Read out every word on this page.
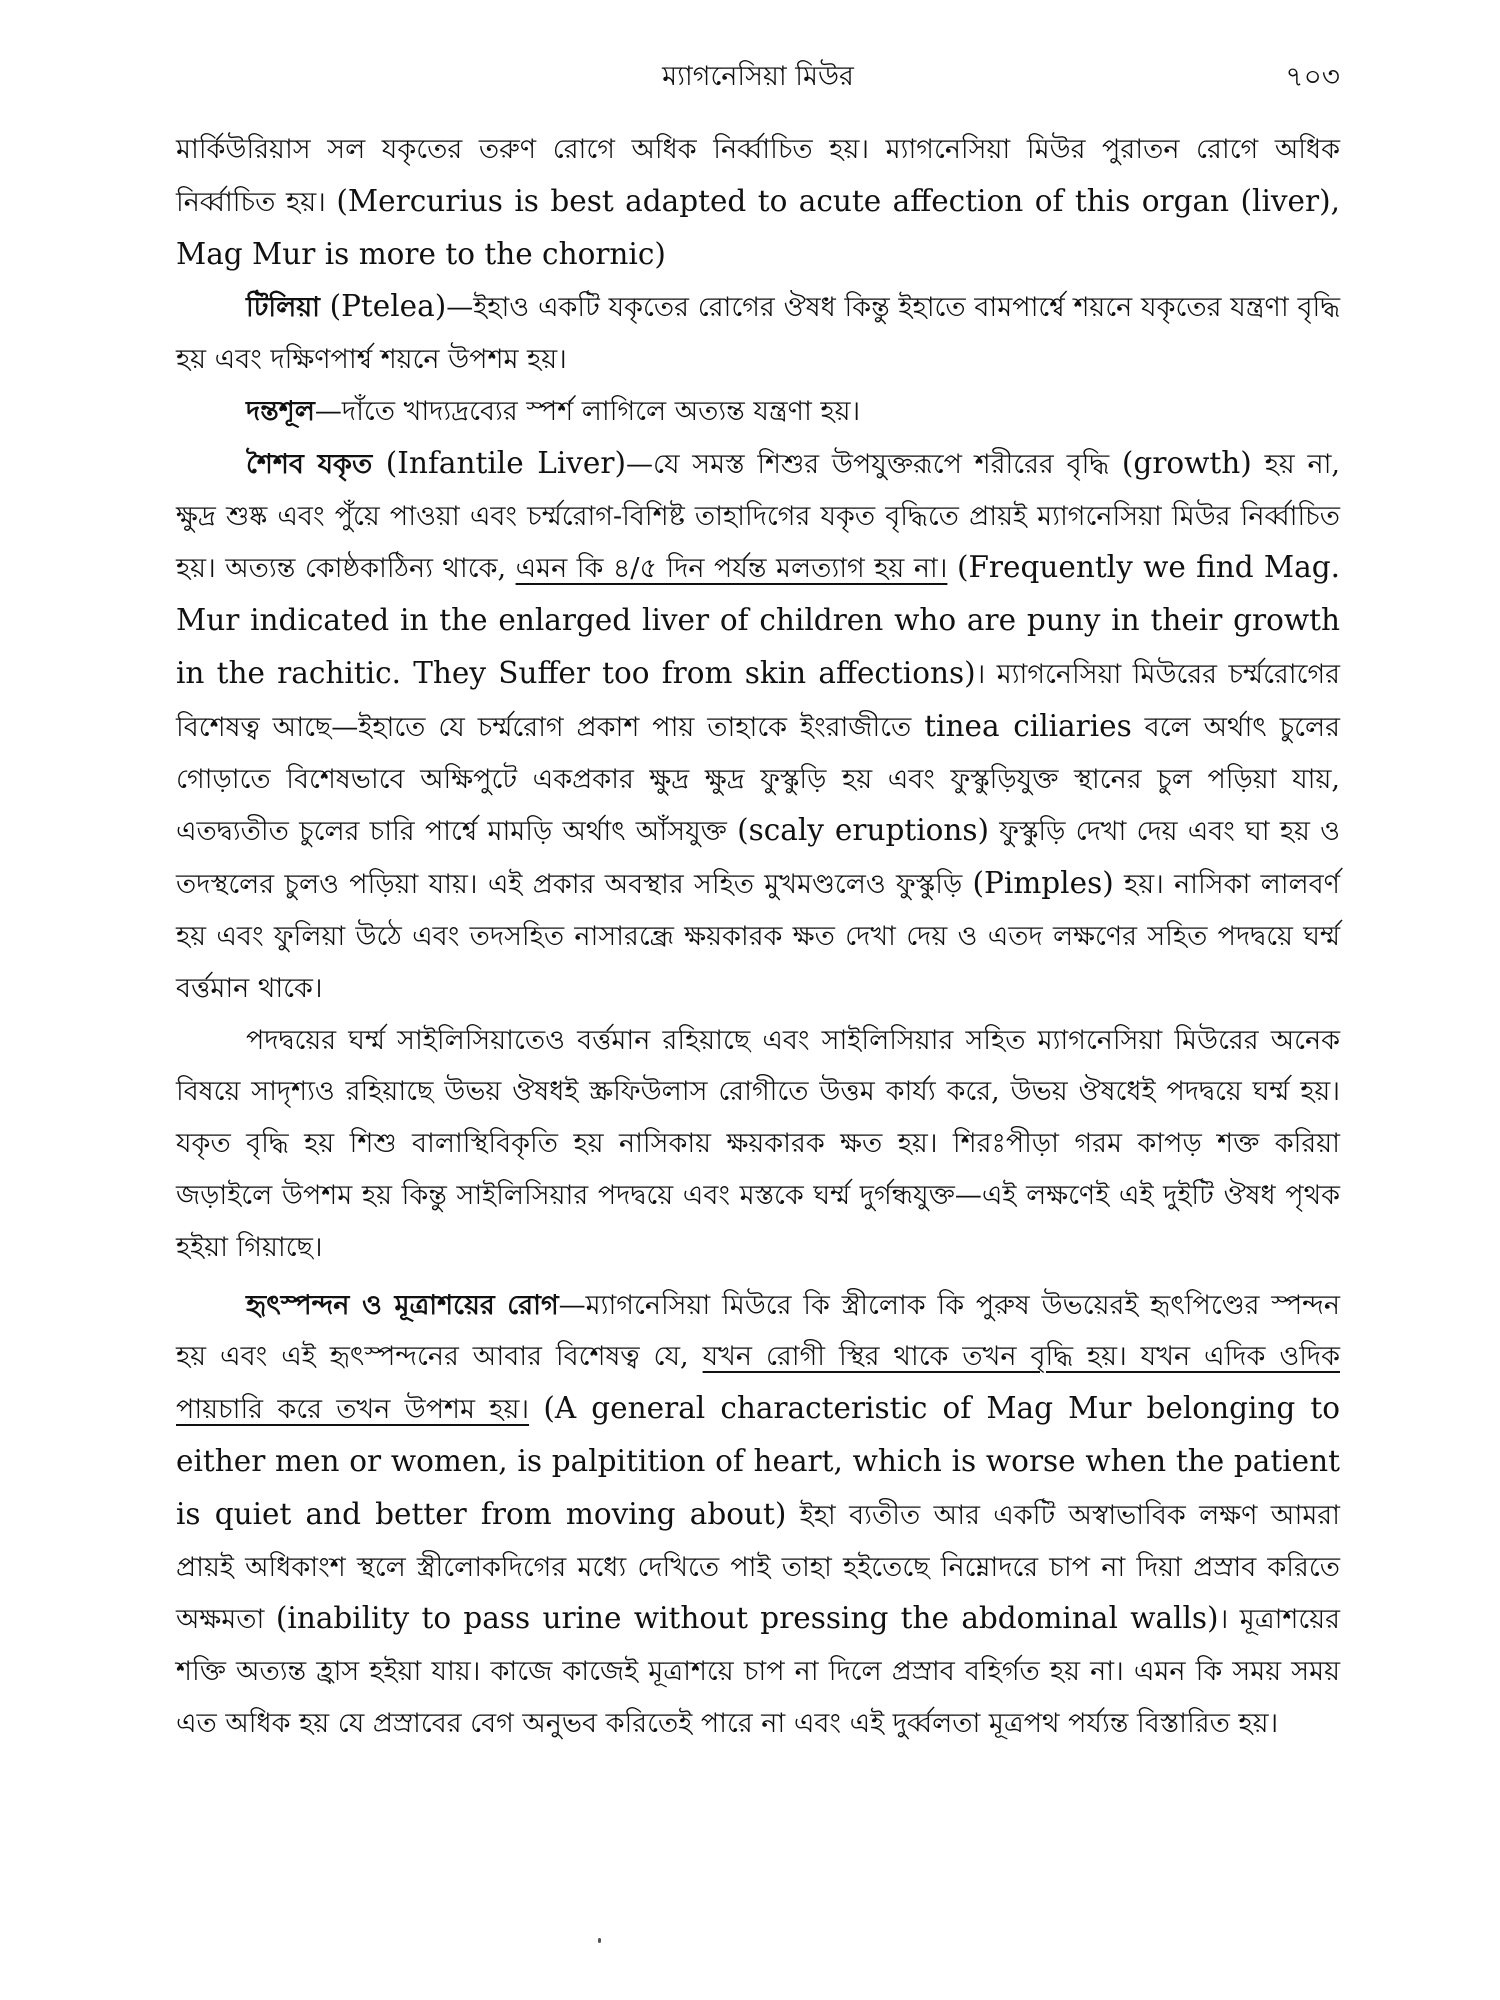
ম্যাগনেসিয়া মিউর	৭০৩

মার্কিউরিয়াস সল যকৃতের তরুণ রোগে অধিক নির্ব্বাচিত হয়। ম্যাগনেসিয়া মিউর পুরাতন রোগে অধিক নির্ব্বাচিত হয়। (Mercurius is best adapted to acute affection of this organ (liver), Mag Mur is more to the chornic)

টিলিয়া (Ptelea)—ইহাও একটি যকৃতের রোগের ঔষধ কিন্তু ইহাতে বামপার্শ্বে শয়নে যকৃতের যন্ত্রণা বৃদ্ধি হয় এবং দক্ষিণপার্শ্ব শয়নে উপশম হয়।

দন্তশূল—দাঁতে খাদ্যদ্রব্যের স্পর্শ লাগিলে অত্যন্ত যন্ত্রণা হয়।

শৈশব যকৃত (Infantile Liver)—যে সমস্ত শিশুর উপযুক্তরূপে শরীরের বৃদ্ধি (growth) হয় না, ক্ষুদ্র শুষ্ক এবং পুঁয়ে পাওয়া এবং চর্ম্মরোগ-বিশিষ্ট তাহাদিগের যকৃত বৃদ্ধিতে প্রায়ই ম্যাগনেসিয়া মিউর নির্ব্বাচিত হয়। অত্যন্ত কোষ্ঠকাঠিন্য থাকে, এমন কি ৪/৫ দিন পর্যন্ত মলত্যাগ হয় না। (Frequently we find Mag. Mur indicated in the enlarged liver of children who are puny in their growth in the rachitic. They Suffer too from skin affections)। ম্যাগনেসিয়া মিউরের চর্ম্মরোগের বিশেষত্ব আছে—ইহাতে যে চর্ম্মরোগ প্রকাশ পায় তাহাকে ইংরাজীতে tinea ciliaries বলে অর্থাৎ চুলের গোড়াতে বিশেষভাবে অক্ষিপুটে একপ্রকার ক্ষুদ্র ক্ষুদ্র ফুস্কুড়ি হয় এবং ফুস্কুড়িযুক্ত স্থানের চুল পড়িয়া যায়, এতদ্ব্যতীত চুলের চারি পার্শ্বে মামড়ি অর্থাৎ আঁসযুক্ত (scaly eruptions) ফুস্কুড়ি দেখা দেয় এবং ঘা হয় ও তদস্থলের চুলও পড়িয়া যায়। এই প্রকার অবস্থার সহিত মুখমণ্ডলেও ফুস্কুড়ি (Pimples) হয়। নাসিকা লালবর্ণ হয় এবং ফুলিয়া উঠে এবং তদসহিত নাসারন্ধ্রে ক্ষয়কারক ক্ষত দেখা দেয় ও এতদ লক্ষণের সহিত পদদ্বয়ে ঘর্ম্ম বর্ত্তমান থাকে।

পদদ্বয়ের ঘর্ম্ম সাইলিসিয়াতেও বর্ত্তমান রহিয়াছে এবং সাইলিসিয়ার সহিত ম্যাগনেসিয়া মিউরের অনেক বিষয়ে সাদৃশ্যও রহিয়াছে উভয় ঔষধই স্ক্রফিউলাস রোগীতে উত্তম কার্য্য করে, উভয় ঔষধেই পদদ্বয়ে ঘর্ম্ম হয়। যকৃত বৃদ্ধি হয় শিশু বালাস্থিবিকৃতি হয় নাসিকায় ক্ষয়কারক ক্ষত হয়। শিরঃপীড়া গরম কাপড় শক্ত করিয়া জড়াইলে উপশম হয় কিন্তু সাইলিসিয়ার পদদ্বয়ে এবং মস্তকে ঘর্ম্ম দুর্গন্ধযুক্ত—এই লক্ষণেই এই দুইটি ঔষধ পৃথক হইয়া গিয়াছে।

হৃৎস্পন্দন ও মূত্রাশয়ের রোগ—ম্যাগনেসিয়া মিউরে কি স্ত্রীলোক কি পুরুষ উভয়েরই হৃৎপিণ্ডের স্পন্দন হয় এবং এই হৃৎস্পন্দনের আবার বিশেষত্ব যে, যখন রোগী স্থির থাকে তখন বৃদ্ধি হয়। যখন এদিক ওদিক পায়চারি করে তখন উপশম হয়। (A general characteristic of Mag Mur belonging to either men or women, is palpitition of heart, which is worse when the patient is quiet and better from moving about) ইহা ব্যতীত আর একটি অস্বাভাবিক লক্ষণ আমরা প্রায়ই অধিকাংশ স্থলে স্ত্রীলোকদিগের মধ্যে দেখিতে পাই তাহা হইতেছে নিম্নোদরে চাপ না দিয়া প্রস্রাব করিতে অক্ষমতা (inability to pass urine without pressing the abdominal walls)। মূত্রাশয়ের শক্তি অত্যন্ত হ্রাস হইয়া যায়। কাজে কাজেই মূত্রাশয়ে চাপ না দিলে প্রস্রাব বহির্গত হয় না। এমন কি সময় সময় এত অধিক হয় যে প্রস্রাবের বেগ অনুভব করিতেই পারে না এবং এই দুর্ব্বলতা মূত্রপথ পর্য্যন্ত বিস্তারিত হয়।
